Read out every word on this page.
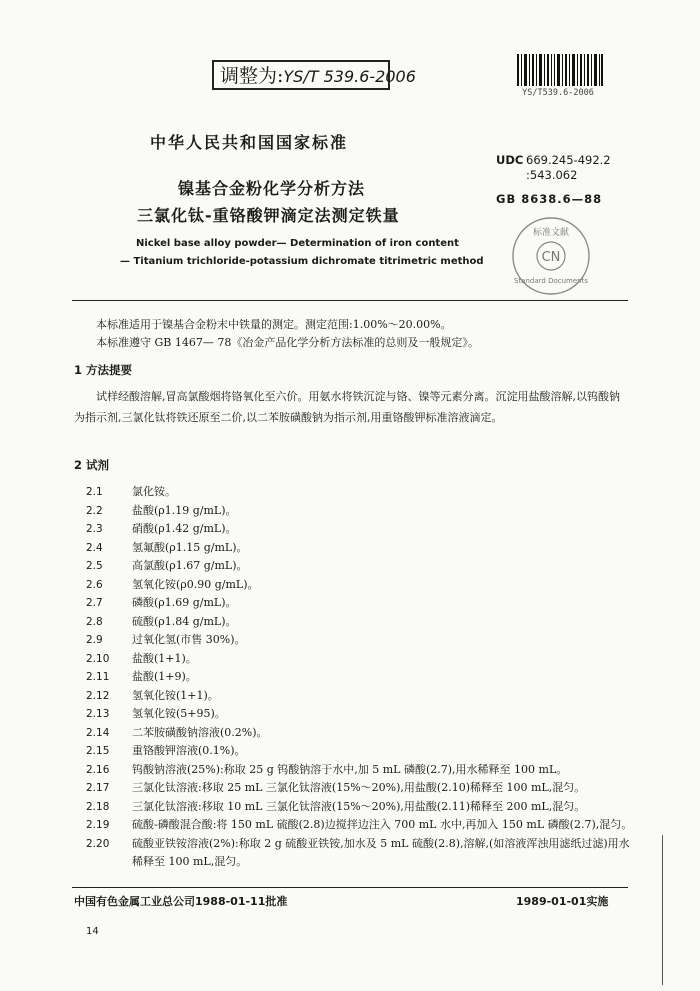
调整为:YS/T 539.6-2006
YS/T539.6-2006
中华人民共和国国家标准
UDC 669.245-492.2
:543.062
GB 8638.6—88
镍基合金粉化学分析方法
三氯化钛-重铬酸钾滴定法测定铁量
Nickel base alloy powder— Determination of iron content
— Titanium trichloride-potassium dichromate titrimetric method
标准文献
CN
Standard Documents
本标准适用于镍基合金粉末中铁量的测定。测定范围:1.00%～20.00%。
本标准遵守 GB 1467— 78《冶金产品化学分析方法标准的总则及一般规定》。
1 方法提要
试样经酸溶解,冒高氯酸烟将铬氧化至六价。用氨水将铁沉淀与铬、镍等元素分离。沉淀用盐酸溶解,以钨酸钠为指示剂,三氯化钛将铁还原至二价,以二苯胺磺酸钠为指示剂,用重铬酸钾标准溶液滴定。
2 试剂
2.1	氯化铵。
2.2	盐酸(ρ1.19 g/mL)。
2.3	硝酸(ρ1.42 g/mL)。
2.4	氢氟酸(ρ1.15 g/mL)。
2.5	高氯酸(ρ1.67 g/mL)。
2.6	氢氧化铵(ρ0.90 g/mL)。
2.7	磷酸(ρ1.69 g/mL)。
2.8	硫酸(ρ1.84 g/mL)。
2.9	过氧化氢(市售 30%)。
2.10	盐酸(1+1)。
2.11	盐酸(1+9)。
2.12	氢氧化铵(1+1)。
2.13	氢氧化铵(5+95)。
2.14	二苯胺磺酸钠溶液(0.2%)。
2.15	重铬酸钾溶液(0.1%)。
2.16	钨酸钠溶液(25%):称取 25 g 钨酸钠溶于水中,加 5 mL 磷酸(2.7),用水稀释至 100 mL。
2.17	三氯化钛溶液:移取 25 mL 三氯化钛溶液(15%～20%),用盐酸(2.10)稀释至 100 mL,混匀。
2.18	三氯化钛溶液:移取 10 mL 三氯化钛溶液(15%～20%),用盐酸(2.11)稀释至 200 mL,混匀。
2.19	硫酸-磷酸混合酸:将 150 mL 硫酸(2.8)边搅拌边注入 700 mL 水中,再加入 150 mL 磷酸(2.7),混匀。
2.20	硫酸亚铁铵溶液(2%):称取 2 g 硫酸亚铁铵,加水及 5 mL 硫酸(2.8),溶解,(如溶液浑浊用滤纸过滤)用水稀释至 100 mL,混匀。
中国有色金属工业总公司1988-01-11批准	1989-01-01实施
14
